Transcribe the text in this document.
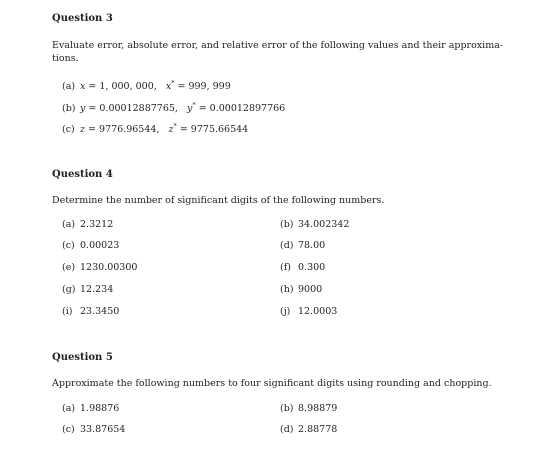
Question 3
Evaluate error, absolute error, and relative error of the following values and their approxima-
tions.
(a) x = 1, 000, 000, x* = 999, 999
(b) y = 0.00012887765, y* = 0.00012897766
(c) z = 9776.96544, z* = 9775.66544
Question 4
Determine the number of significant digits of the following numbers.
(a) 2.3212	(b) 34.002342
(c) 0.00023	(d) 78.00
(e) 1230.00300	(f) 0.300
(g) 12.234	(h) 9000
(i) 23.3450	(j) 12.0003
Question 5
Approximate the following numbers to four significant digits using rounding and chopping.
(a) 1.98876	(b) 8.98879
(c) 33.87654	(d) 2.88778
